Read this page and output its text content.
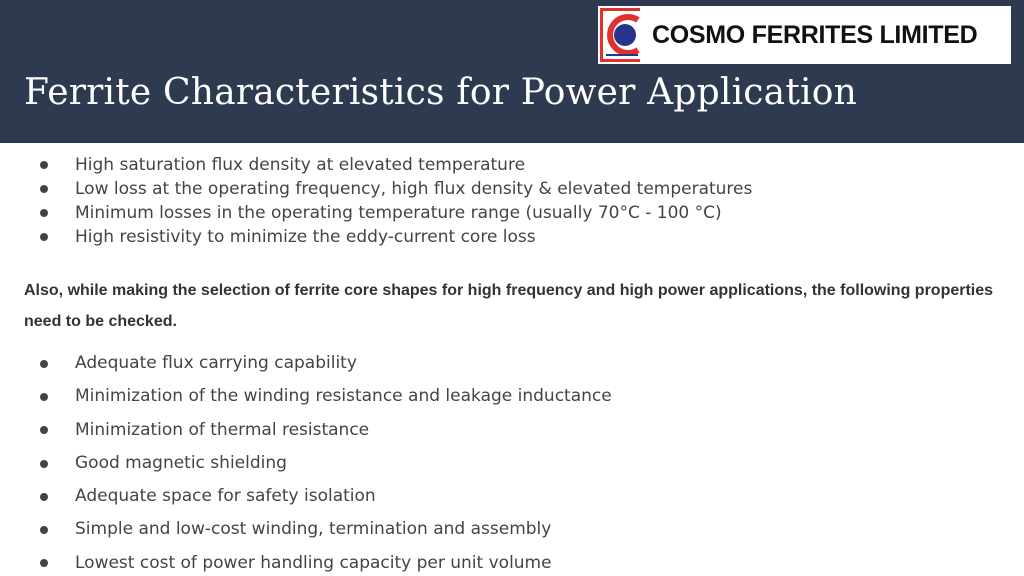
Ferrite Characteristics for Power Application
COSMO FERRITES LIMITED
High saturation flux density at elevated temperature
Low loss at the operating frequency, high flux density & elevated temperatures
Minimum losses in the operating temperature range (usually 70°C - 100 °C)
High resistivity to minimize the eddy-current core loss

Also, while making the selection of ferrite core shapes for high frequency and high power applications, the following properties need to be checked.

Adequate flux carrying capability
Minimization of the winding resistance and leakage inductance
Minimization of thermal resistance
Good magnetic shielding
Adequate space for safety isolation
Simple and low-cost winding, termination and assembly
Lowest cost of power handling capacity per unit volume
